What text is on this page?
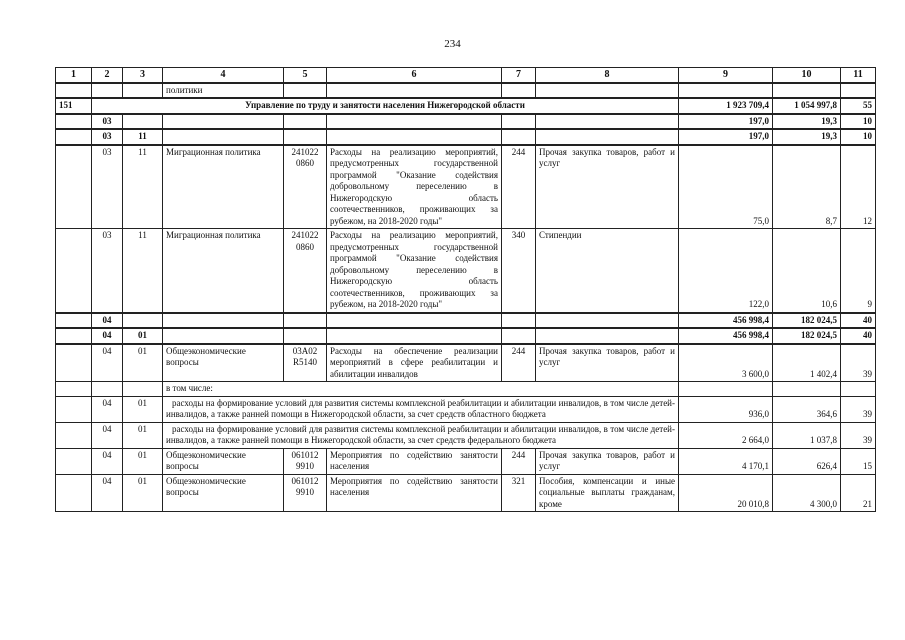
234
1	2	3	4	5	6	7	8	9	10	11
			политики							
151	Управление по труду и занятости населения Нижегородской области							1 923 709,4	1 054 997,8	55
	03							197,0	19,3	10
	03	11						197,0	19,3	10
	03	11	Миграционная политика	241022 0860	Расходы на реализацию мероприятий, предусмотренных государственной программой "Оказание содействия добровольному переселению в Нижегородскую область соотечественников, проживающих за рубежом, на 2018-2020 годы"	244	Прочая закупка товаров, работ и услуг	75,0	8,7	12
	03	11	Миграционная политика	241022 0860	Расходы на реализацию мероприятий, предусмотренных государственной программой "Оказание содействия добровольному переселению в Нижегородскую область соотечественников, проживающих за рубежом, на 2018-2020 годы"	340	Стипендии	122,0	10,6	9
	04							456 998,4	182 024,5	40
	04	01						456 998,4	182 024,5	40
	04	01	Общеэкономические вопросы	03А02 R5140	Расходы на обеспечение реализации мероприятий в сфере реабилитации и абилитации инвалидов	244	Прочая закупка товаров, работ и услуг	3 600,0	1 402,4	39
			в том числе:							
	04	01	расходы на формирование условий для развития системы комплексной реабилитации и абилитации инвалидов, в том числе детей-инвалидов, а также ранней помощи в Нижегородской области, за счет средств областного бюджета					936,0	364,6	39
	04	01	расходы на формирование условий для развития системы комплексной реабилитации и абилитации инвалидов, в том числе детей-инвалидов, а также ранней помощи в Нижегородской области, за счет средств федерального бюджета					2 664,0	1 037,8	39
	04	01	Общеэкономические вопросы	061012 9910	Мероприятия по содействию занятости населения	244	Прочая закупка товаров, работ и услуг	4 170,1	626,4	15
	04	01	Общеэкономические вопросы	061012 9910	Мероприятия по содействию занятости населения	321	Пособия, компенсации и иные социальные выплаты гражданам, кроме	20 010,8	4 300,0	21
